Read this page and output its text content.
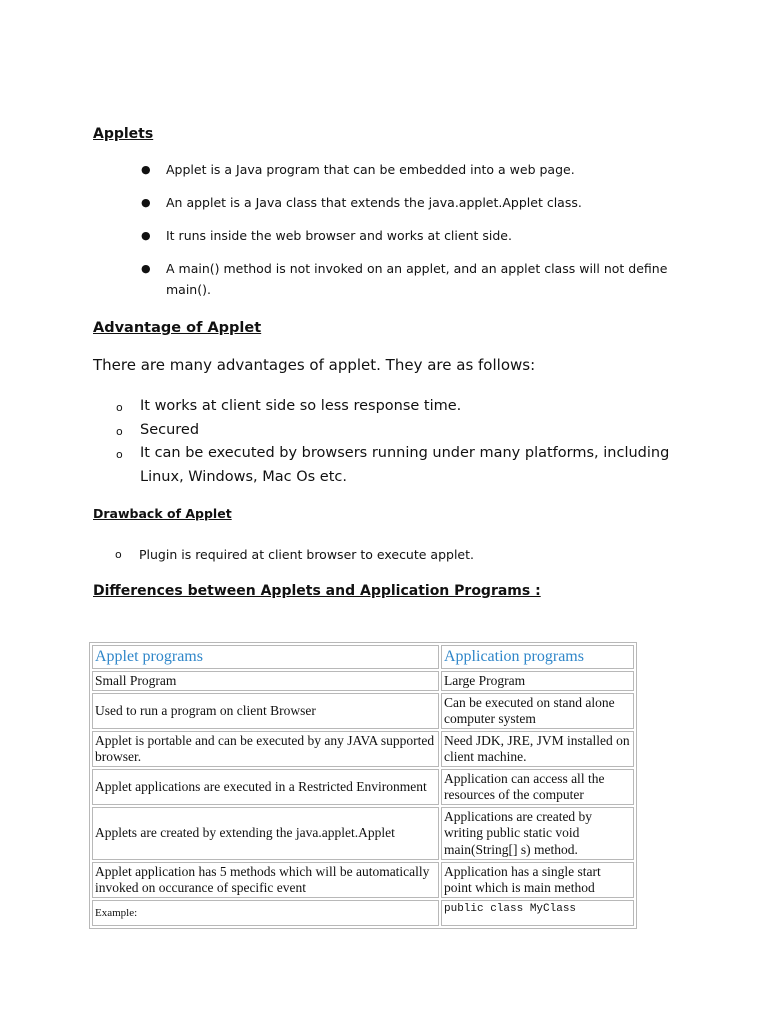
Applets
● Applet is a Java program that can be embedded into a web page.
● An applet is a Java class that extends the java.applet.Applet class.
● It runs inside the web browser and works at client side.
● A main() method is not invoked on an applet, and an applet class will not define main().
Advantage of Applet

There are many advantages of applet. They are as follows:

o It works at client side so less response time.
o Secured
o It can be executed by browsers running under many platforms, including Linux, Windows, Mac Os etc.
Drawback of Applet
o Plugin is required at client browser to execute applet.
Differences between Applets and Application Programs :
Applet programs	Application programs
Small Program	Large Program
Used to run a program on client Browser	Can be executed on stand alone computer system
Applet is portable and can be executed by any JAVA supported browser.	Need JDK, JRE, JVM installed on client machine.
Applet applications are executed in a Restricted Environment	Application can access all the resources of the computer
Applets are created by extending the java.applet.Applet	Applications are created by writing public static void main(String[] s) method.
Applet application has 5 methods which will be automatically invoked on occurance of specific event	Application has a single start point which is main method
Example:	public class MyClass
